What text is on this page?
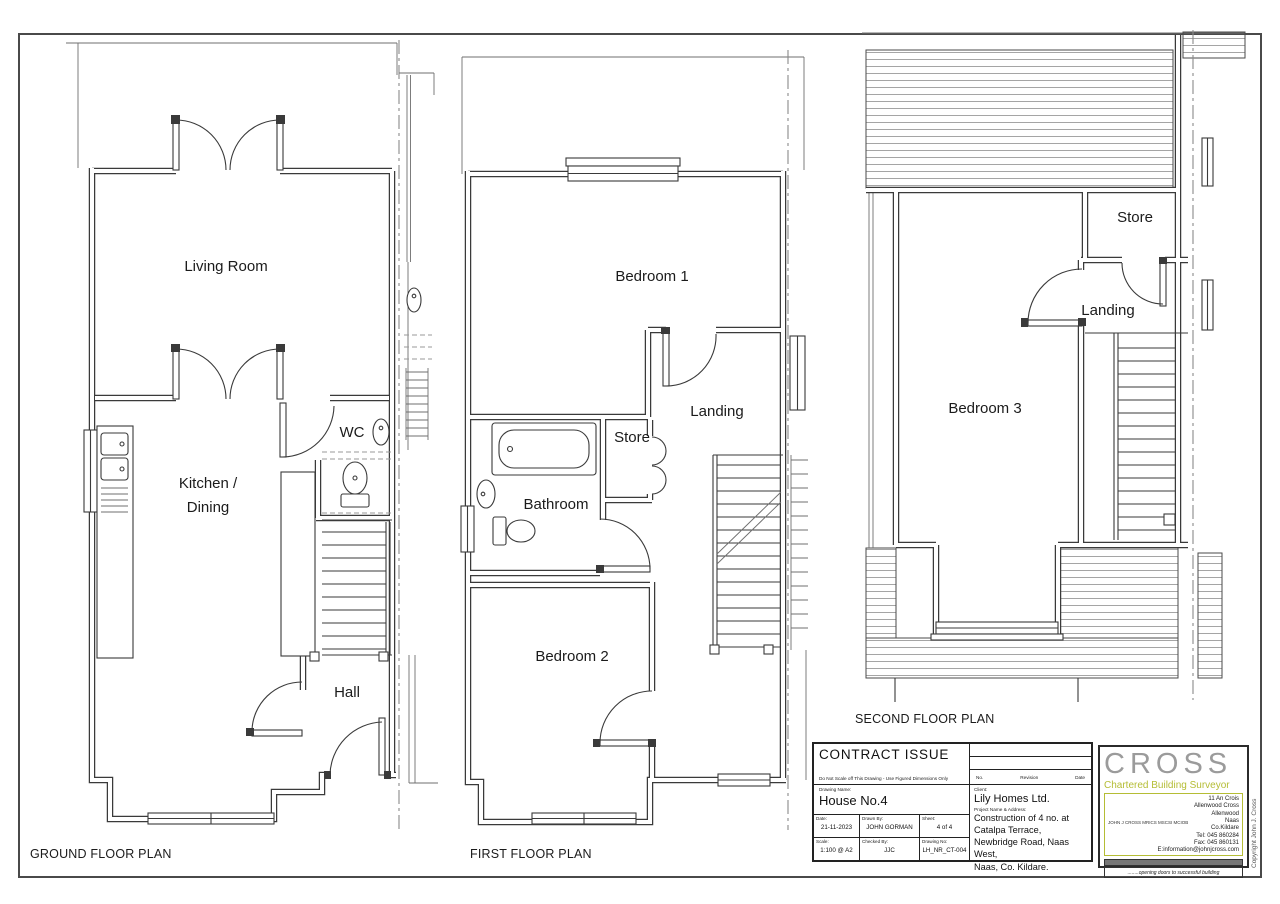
Living Room
Kitchen /
Dining
WC
Hall
Bedroom 1
Landing
Store
Bathroom
Bedroom 2
Store
Landing
Bedroom 3
GROUND FLOOR PLAN	FIRST FLOOR PLAN
SECOND FLOOR PLAN
CONTRACT ISSUE
Do Not Scale off This Drawing - Use Figured Dimensions Only	No.	Revision	Date
Drawing Name:
House No.4
Date:
21-11-2023
Drawn By:
JOHN GORMAN
Sheet:
4 of 4
Scale:
1:100 @ A2
Checked By:
JJC
Drawing No:
LH_NR_CT-004
Client:
Lily Homes Ltd.
Project Name & Address:
Construction of 4 no. at
Catalpa Terrace,
Newbridge Road, Naas West,
Naas, Co. Kildare.
CROSS
Chartered Building Surveyor
JOHN J CROSS MRICS MSCSI MCIOB
11 An Crois
Allenwood Cross
Allenwood
Naas
Co.Kildare
Tel: 045 860284
Fax: 045 860131
E:information@johnjcross.com
........opening doors to successful building
Copyright John J. Cross
